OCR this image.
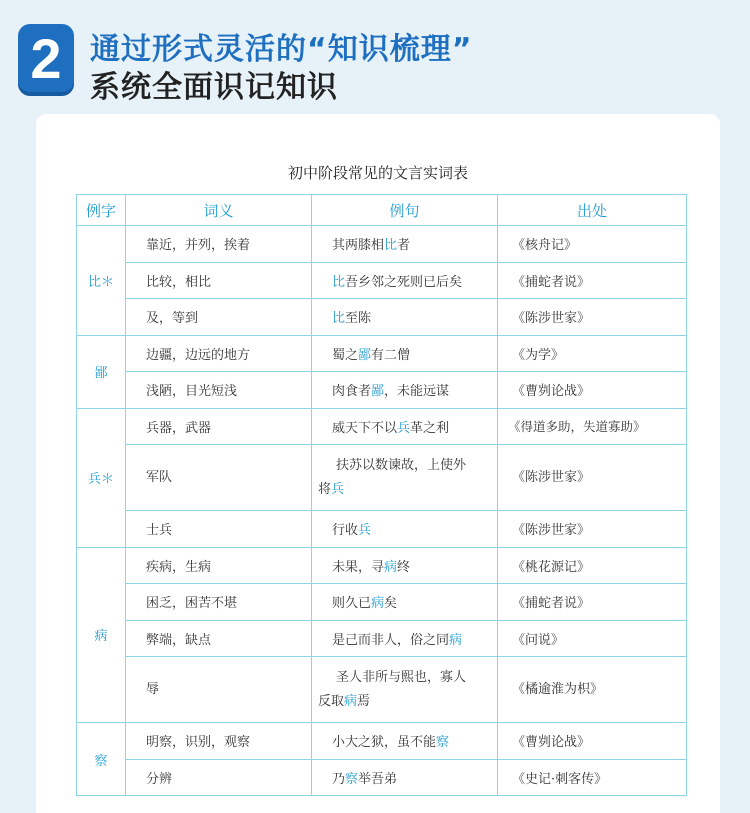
2 通过形式灵活的“知识梳理”
系统全面识记知识
初中阶段常见的文言实词表
例字	词义	例句	出处
比＊	靠近，并列，挨着	其两膝相比者	《核舟记》
	比较，相比	比吾乡邻之死则已后矣	《捕蛇者说》
	及，等到	比至陈	《陈涉世家》
鄙	边疆，边远的地方	蜀之鄙有二僧	《为学》
	浅陋，目光短浅	肉食者鄙，未能远谋	《曹刿论战》
兵＊	兵器，武器	威天下不以兵革之利	《得道多助，失道寡助》
	军队	扶苏以数谏故，上使外
将兵	《陈涉世家》
	士兵	行收兵	《陈涉世家》
病	疾病，生病	未果，寻病终	《桃花源记》
	困乏，困苦不堪	则久已病矣	《捕蛇者说》
	弊端，缺点	是己而非人，俗之同病	《问说》
	辱	圣人非所与熙也，寡人
反取病焉	《橘逾淮为枳》
察	明察，识别，观察	小大之狱，虽不能察	《曹刿论战》
	分辨	乃察举吾弟	《史记·刺客传》
